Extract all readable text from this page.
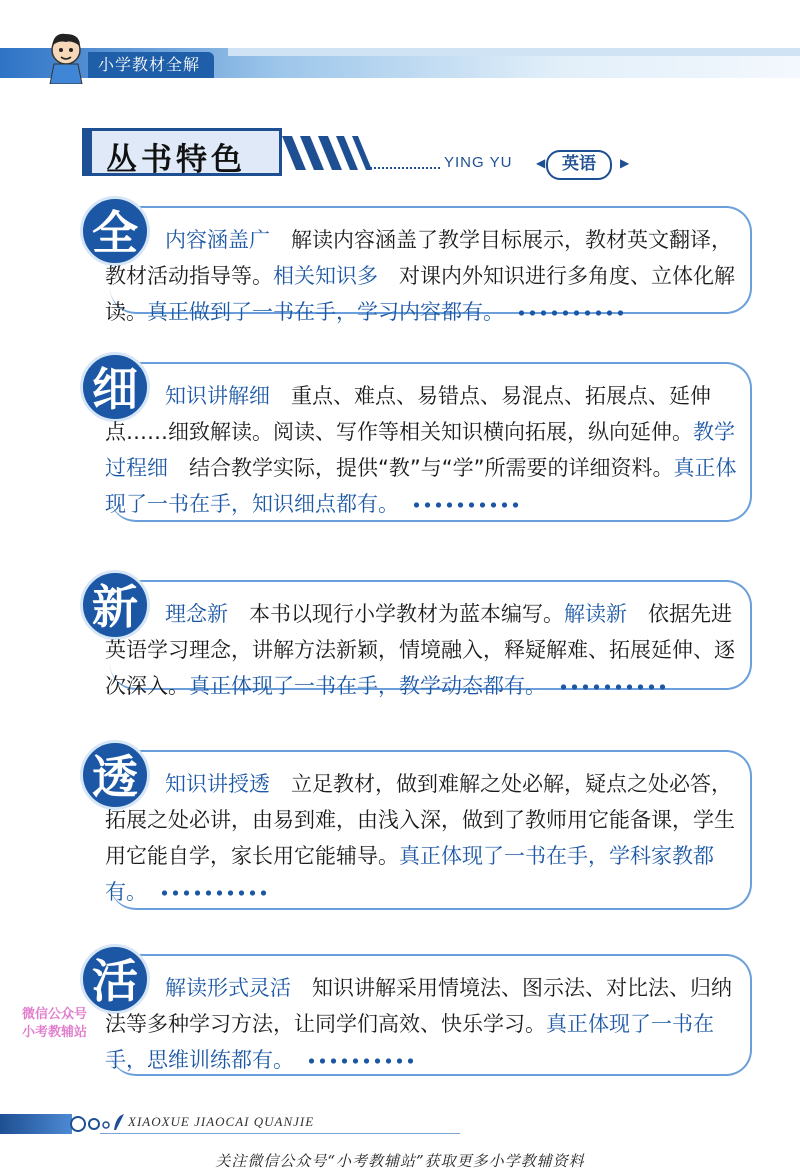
小学教材全解
丛书特色	YING YU ◀ 英语	▶
全	内容涵盖广　 解读内容涵盖了教学目标展示，教材英文翻译，教材活动指导等。相关知识多　 对课内外知识进行多角度、立体化解读。真正做到了一书在手，学习内容都有。
细	知识讲解细　 重点、难点、易错点、易混点、拓展点、延伸点……细致解读。阅读、写作等相关知识横向拓展，纵向延伸。教学过程细　 结合教学实际，提供“教”与“学”所需要的详细资料。真正体现了一书在手，知识细点都有。
新	理念新　 本书以现行小学教材为蓝本编写。解读新　 依据先进英语学习理念，讲解方法新颖，情境融入，释疑解难、拓展延伸、逐次深入。真正体现了一书在手，教学动态都有。
透	知识讲授透　 立足教材，做到难解之处必解，疑点之处必答，拓展之处必讲，由易到难，由浅入深，做到了教师用它能备课，学生用它能自学，家长用它能辅导。真正体现了一书在手，学科家教都有。
活	解读形式灵活　 知识讲解采用情境法、图示法、对比法、归纳法等多种学习方法，让同学们高效、快乐学习。真正体现了一书在手，思维训练都有。
微信公众号 小考教辅站
XIAOXUE JIAOCAI QUANJIE
关注微信公众号“小考教辅站”获取更多小学教辅资料
